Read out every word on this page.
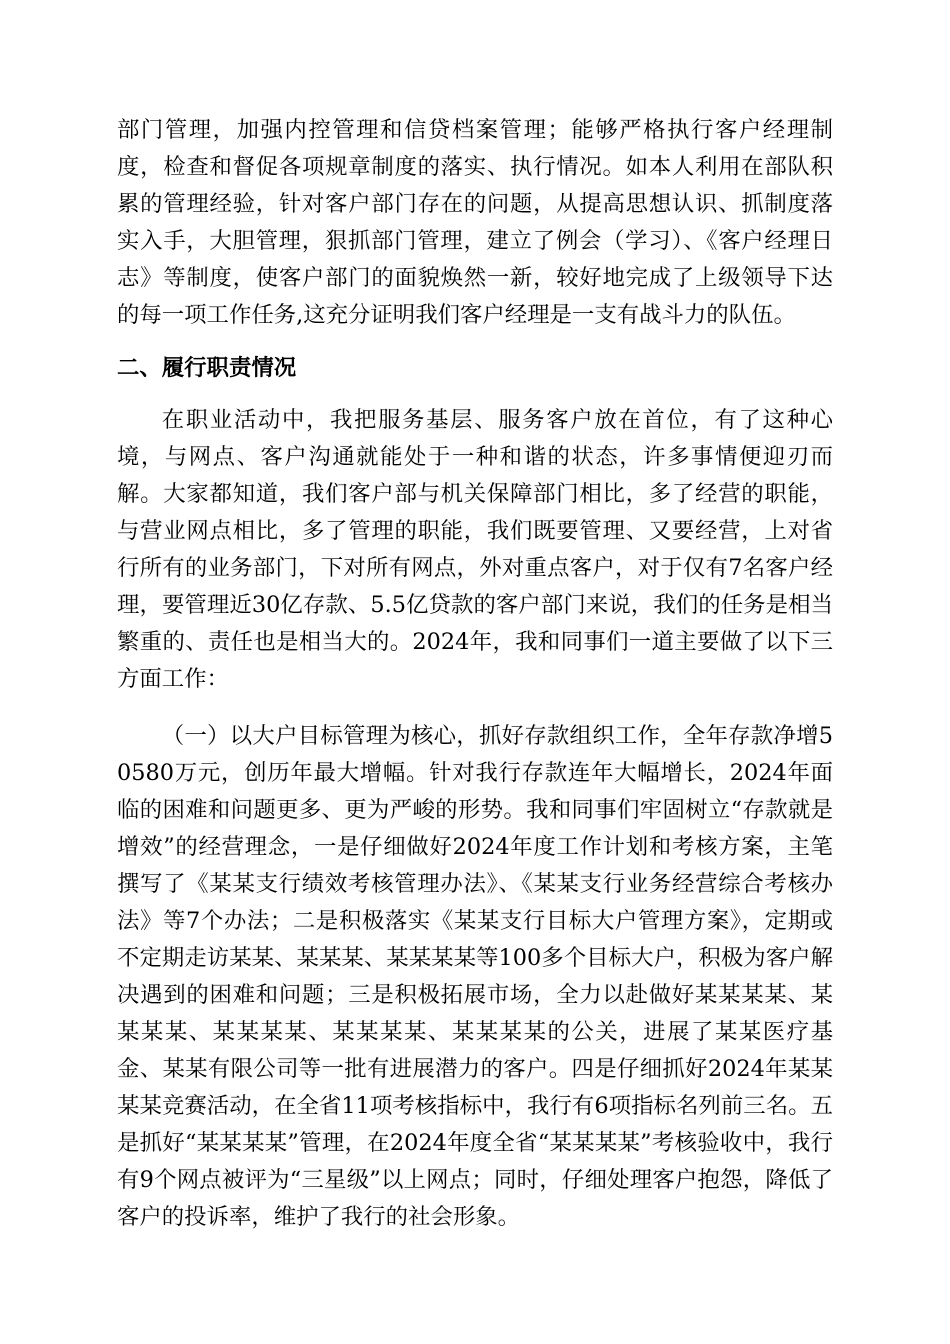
部门管理，加强内控管理和信贷档案管理；能够严格执行客户经理制度，检查和督促各项规章制度的落实、执行情况。如本人利用在部队积累的管理经验，针对客户部门存在的问题，从提高思想认识、抓制度落实入手，大胆管理，狠抓部门管理，建立了例会（学习）、《客户经理日志》等制度，使客户部门的面貌焕然一新，较好地完成了上级领导下达的每一项工作任务,这充分证明我们客户经理是一支有战斗力的队伍。

二、履行职责情况

在职业活动中，我把服务基层、服务客户放在首位，有了这种心境，与网点、客户沟通就能处于一种和谐的状态，许多事情便迎刃而解。大家都知道，我们客户部与机关保障部门相比，多了经营的职能，与营业网点相比，多了管理的职能，我们既要管理、又要经营，上对省行所有的业务部门，下对所有网点，外对重点客户，对于仅有7名客户经理，要管理近30亿存款、5.5亿贷款的客户部门来说，我们的任务是相当繁重的、责任也是相当大的。2024年，我和同事们一道主要做了以下三方面工作：

（一）以大户目标管理为核心，抓好存款组织工作，全年存款净增50580万元，创历年最大增幅。针对我行存款连年大幅增长，2024年面临的困难和问题更多、更为严峻的形势。我和同事们牢固树立“存款就是增效”的经营理念，一是仔细做好2024年度工作计划和考核方案，主笔撰写了《某某支行绩效考核管理办法》、《某某支行业务经营综合考核办法》等7个办法；二是积极落实《某某支行目标大户管理方案》，定期或不定期走访某某、某某某、某某某某等100多个目标大户，积极为客户解决遇到的困难和问题；三是积极拓展市场，全力以赴做好某某某某、某某某某、某某某某、某某某某、某某某某的公关，进展了某某医疗基金、某某有限公司等一批有进展潜力的客户。四是仔细抓好2024年某某某某竞赛活动，在全省11项考核指标中，我行有6项指标名列前三名。五是抓好“某某某某”管理，在2024年度全省“某某某某”考核验收中，我行有9个网点被评为“三星级”以上网点；同时，仔细处理客户抱怨，降低了客户的投诉率，维护了我行的社会形象。
